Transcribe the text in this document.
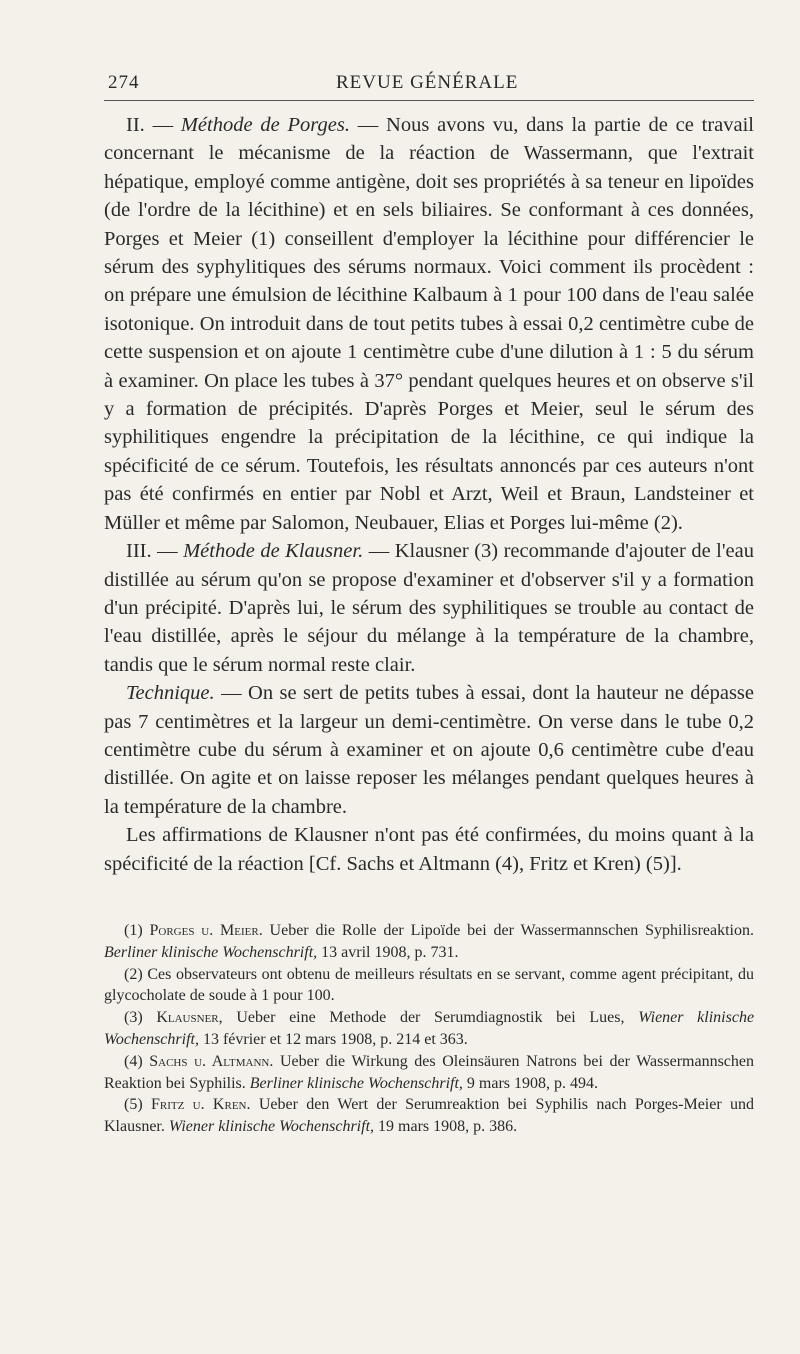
274	REVUE GÉNÉRALE

II. — Méthode de Porges. — Nous avons vu, dans la partie de ce travail concernant le mécanisme de la réaction de Wassermann, que l'extrait hépatique, employé comme antigène, doit ses propriétés à sa teneur en lipoïdes (de l'ordre de la lécithine) et en sels biliaires. Se conformant à ces données, Porges et Meier (1) conseillent d'employer la lécithine pour différencier le sérum des syphylitiques des sérums normaux. Voici comment ils procèdent : on prépare une émulsion de lécithine Kalbaum à 1 pour 100 dans de l'eau salée isotonique. On introduit dans de tout petits tubes à essai 0,2 centimètre cube de cette suspension et on ajoute 1 centimètre cube d'une dilution à 1 : 5 du sérum à examiner. On place les tubes à 37° pendant quelques heures et on observe s'il y a formation de précipités. D'après Porges et Meier, seul le sérum des syphilitiques engendre la précipitation de la lécithine, ce qui indique la spécificité de ce sérum. Toutefois, les résultats annoncés par ces auteurs n'ont pas été confirmés en entier par Nobl et Arzt, Weil et Braun, Landsteiner et Müller et même par Salomon, Neubauer, Elias et Porges lui-même (2).

III. — Méthode de Klausner. — Klausner (3) recommande d'ajouter de l'eau distillée au sérum qu'on se propose d'examiner et d'observer s'il y a formation d'un précipité. D'après lui, le sérum des syphilitiques se trouble au contact de l'eau distillée, après le séjour du mélange à la température de la chambre, tandis que le sérum normal reste clair.

Technique. — On se sert de petits tubes à essai, dont la hauteur ne dépasse pas 7 centimètres et la largeur un demi-centimètre. On verse dans le tube 0,2 centimètre cube du sérum à examiner et on ajoute 0,6 centimètre cube d'eau distillée. On agite et on laisse reposer les mélanges pendant quelques heures à la température de la chambre.

Les affirmations de Klausner n'ont pas été confirmées, du moins quant à la spécificité de la réaction [Cf. Sachs et Altmann (4), Fritz et Kren) (5)].

(1) Porges u. Meier. Ueber die Rolle der Lipoïde bei der Wassermannschen Syphilisreaktion. Berliner klinische Wochenschrift, 13 avril 1908, p. 731.

(2) Ces observateurs ont obtenu de meilleurs résultats en se servant, comme agent précipitant, du glycocholate de soude à 1 pour 100.

(3) Klausner, Ueber eine Methode der Serumdiagnostik bei Lues, Wiener klinische Wochenschrift, 13 février et 12 mars 1908, p. 214 et 363.

(4) Sachs u. Altmann. Ueber die Wirkung des Oleinsäuren Natrons bei der Wassermannschen Reaktion bei Syphilis. Berliner klinische Wochenschrift, 9 mars 1908, p. 494.

(5) Fritz u. Kren. Ueber den Wert der Serumreaktion bei Syphilis nach Porges-Meier und Klausner. Wiener klinische Wochenschrift, 19 mars 1908, p. 386.
